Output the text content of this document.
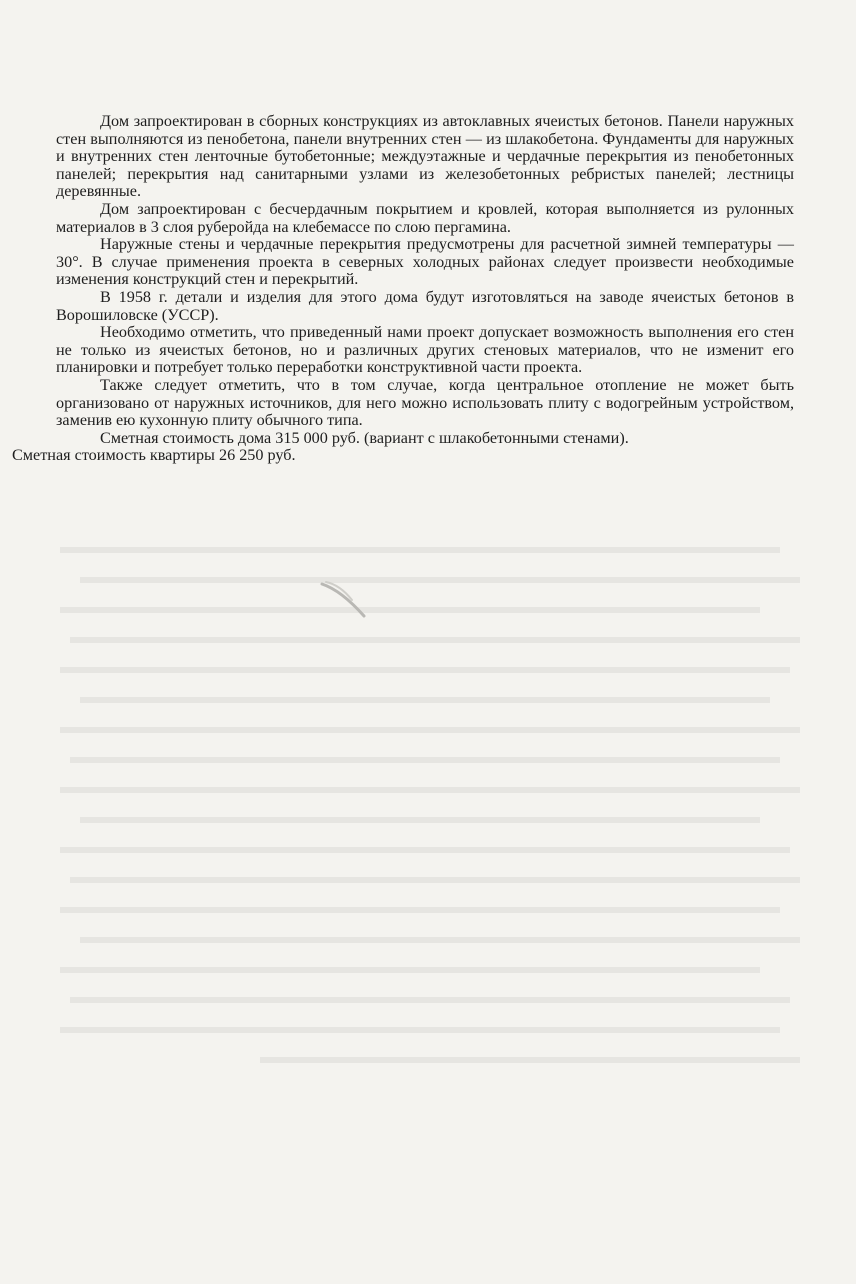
Дом запроектирован в сборных конструкциях из автоклавных ячеистых бетонов. Панели наружных стен выполняются из пенобетона, панели внутренних стен — из шлакобетона. Фундаменты для наружных и внутренних стен ленточные бутобетонные; междуэтажные и чердачные перекрытия из пенобетонных панелей; перекрытия над санитарными узлами из железобетонных ребристых панелей; лестницы деревянные.

Дом запроектирован с бесчердачным покрытием и кровлей, которая выполняется из рулонных материалов в 3 слоя руберойда на клебемассе по слою пергамина.

Наружные стены и чердачные перекрытия предусмотрены для расчетной зимней температуры —30°. В случае применения проекта в северных холодных районах следует произвести необходимые изменения конструкций стен и перекрытий.

В 1958 г. детали и изделия для этого дома будут изготовляться на заводе ячеистых бетонов в Ворошиловске (УССР).

Необходимо отметить, что приведенный нами проект допускает возможность выполнения его стен не только из ячеистых бетонов, но и различных других стеновых материалов, что не изменит его планировки и потребует только переработки конструктивной части проекта.

Также следует отметить, что в том случае, когда центральное отопление не может быть организовано от наружных источников, для него можно использовать плиту с водогрейным устройством, заменив ею кухонную плиту обычного типа.

Сметная стоимость дома 315 000 руб. (вариант с шлакобетонными стенами).
Сметная стоимость квартиры 26 250 руб.
